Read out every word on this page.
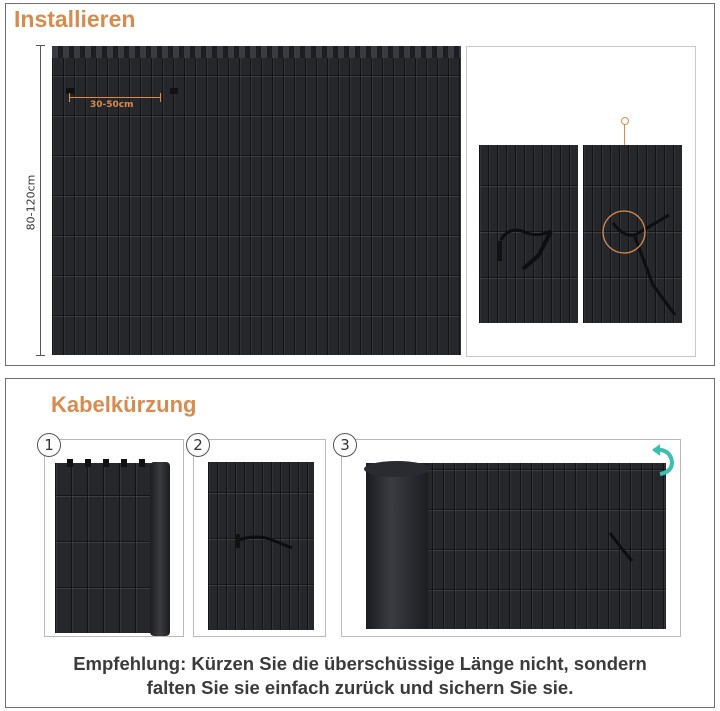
Installieren
80-120cm
30-50cm
Kabelkürzung
1	2	3
Empfehlung: Kürzen Sie die überschüssige Länge nicht, sondern
falten Sie sie einfach zurück und sichern Sie sie.
